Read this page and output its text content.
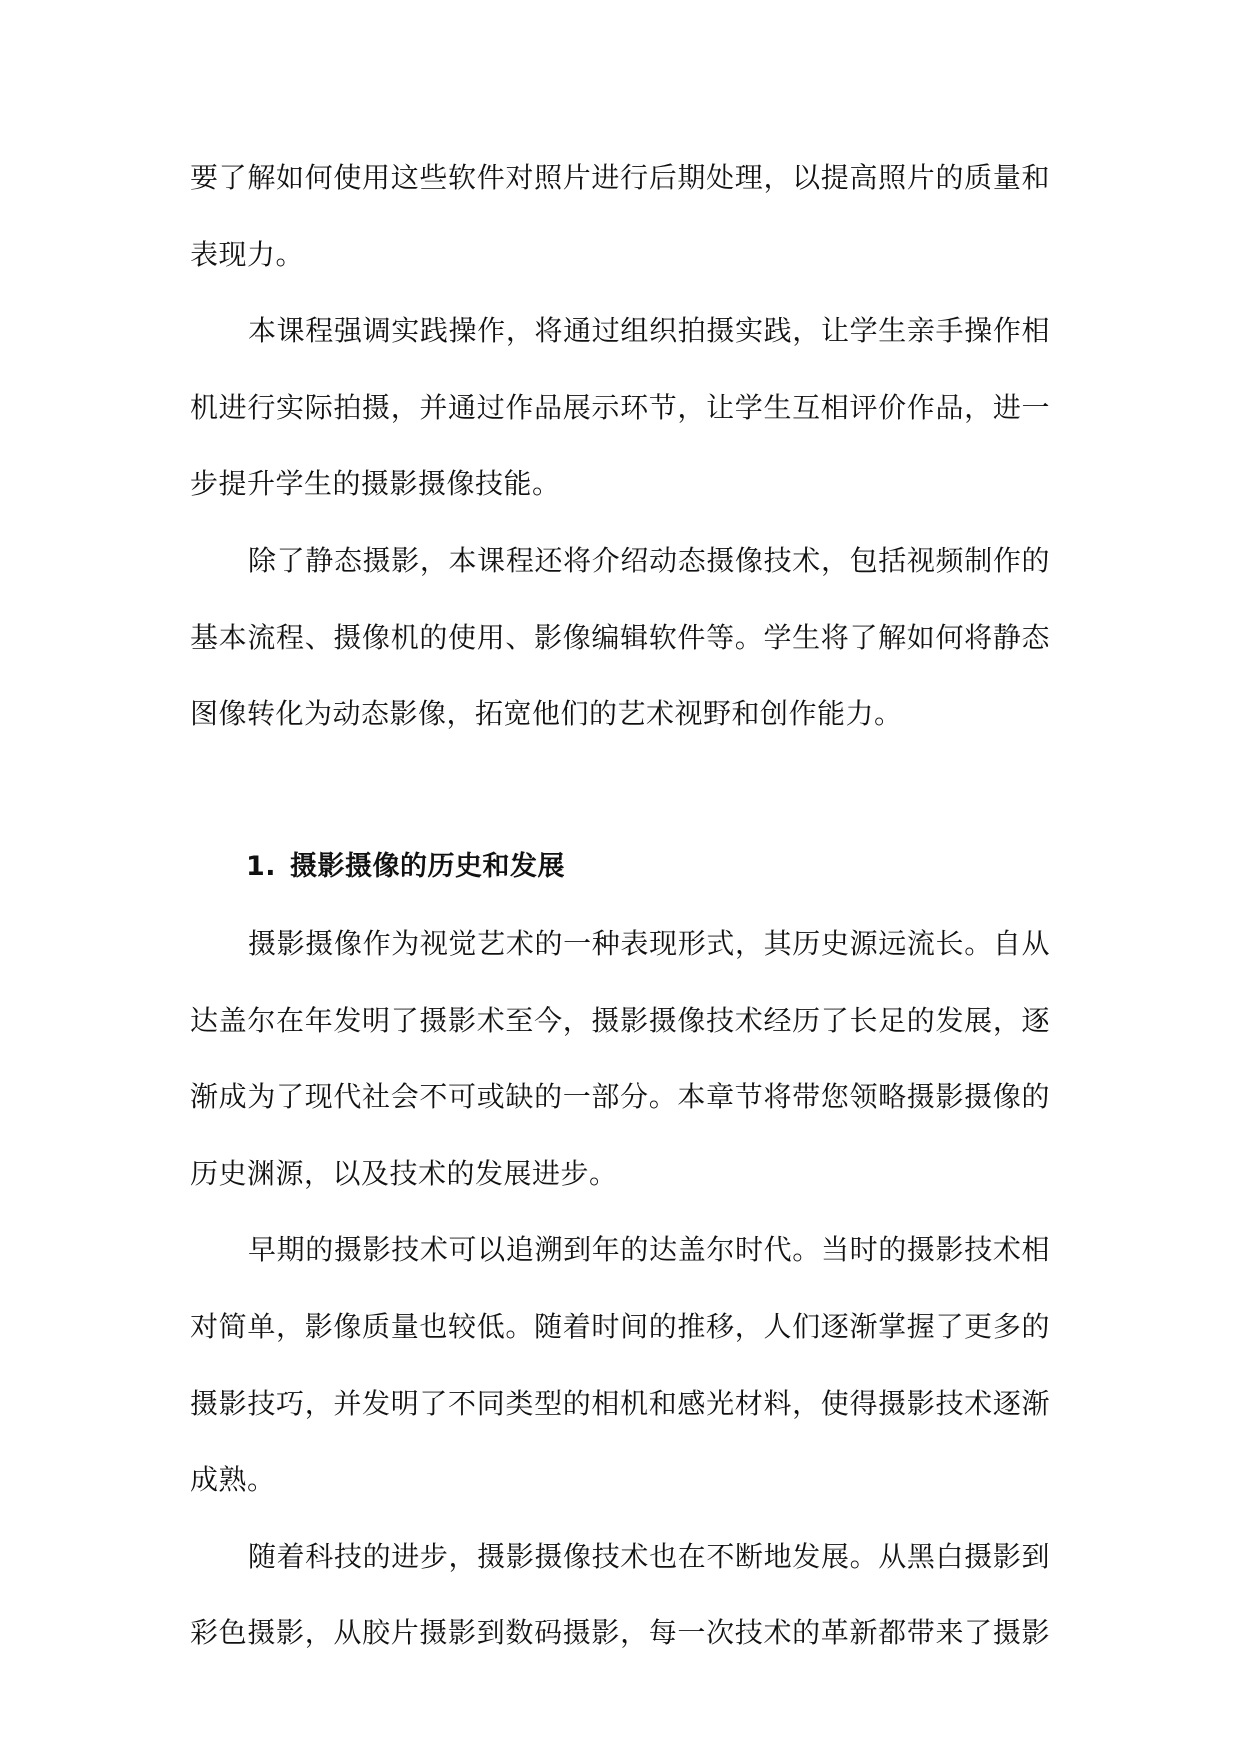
要了解如何使用这些软件对照片进行后期处理，以提高照片的质量和
表现力。
本课程强调实践操作，将通过组织拍摄实践，让学生亲手操作相
机进行实际拍摄，并通过作品展示环节，让学生互相评价作品，进一
步提升学生的摄影摄像技能。
除了静态摄影，本课程还将介绍动态摄像技术，包括视频制作的
基本流程、摄像机的使用、影像编辑软件等。学生将了解如何将静态
图像转化为动态影像，拓宽他们的艺术视野和创作能力。
1. 摄影摄像的历史和发展
摄影摄像作为视觉艺术的一种表现形式，其历史源远流长。自从
达盖尔在年发明了摄影术至今，摄影摄像技术经历了长足的发展，逐
渐成为了现代社会不可或缺的一部分。本章节将带您领略摄影摄像的
历史渊源，以及技术的发展进步。
早期的摄影技术可以追溯到年的达盖尔时代。当时的摄影技术相
对简单，影像质量也较低。随着时间的推移，人们逐渐掌握了更多的
摄影技巧，并发明了不同类型的相机和感光材料，使得摄影技术逐渐
成熟。
随着科技的进步，摄影摄像技术也在不断地发展。从黑白摄影到
彩色摄影，从胶片摄影到数码摄影，每一次技术的革新都带来了摄影
